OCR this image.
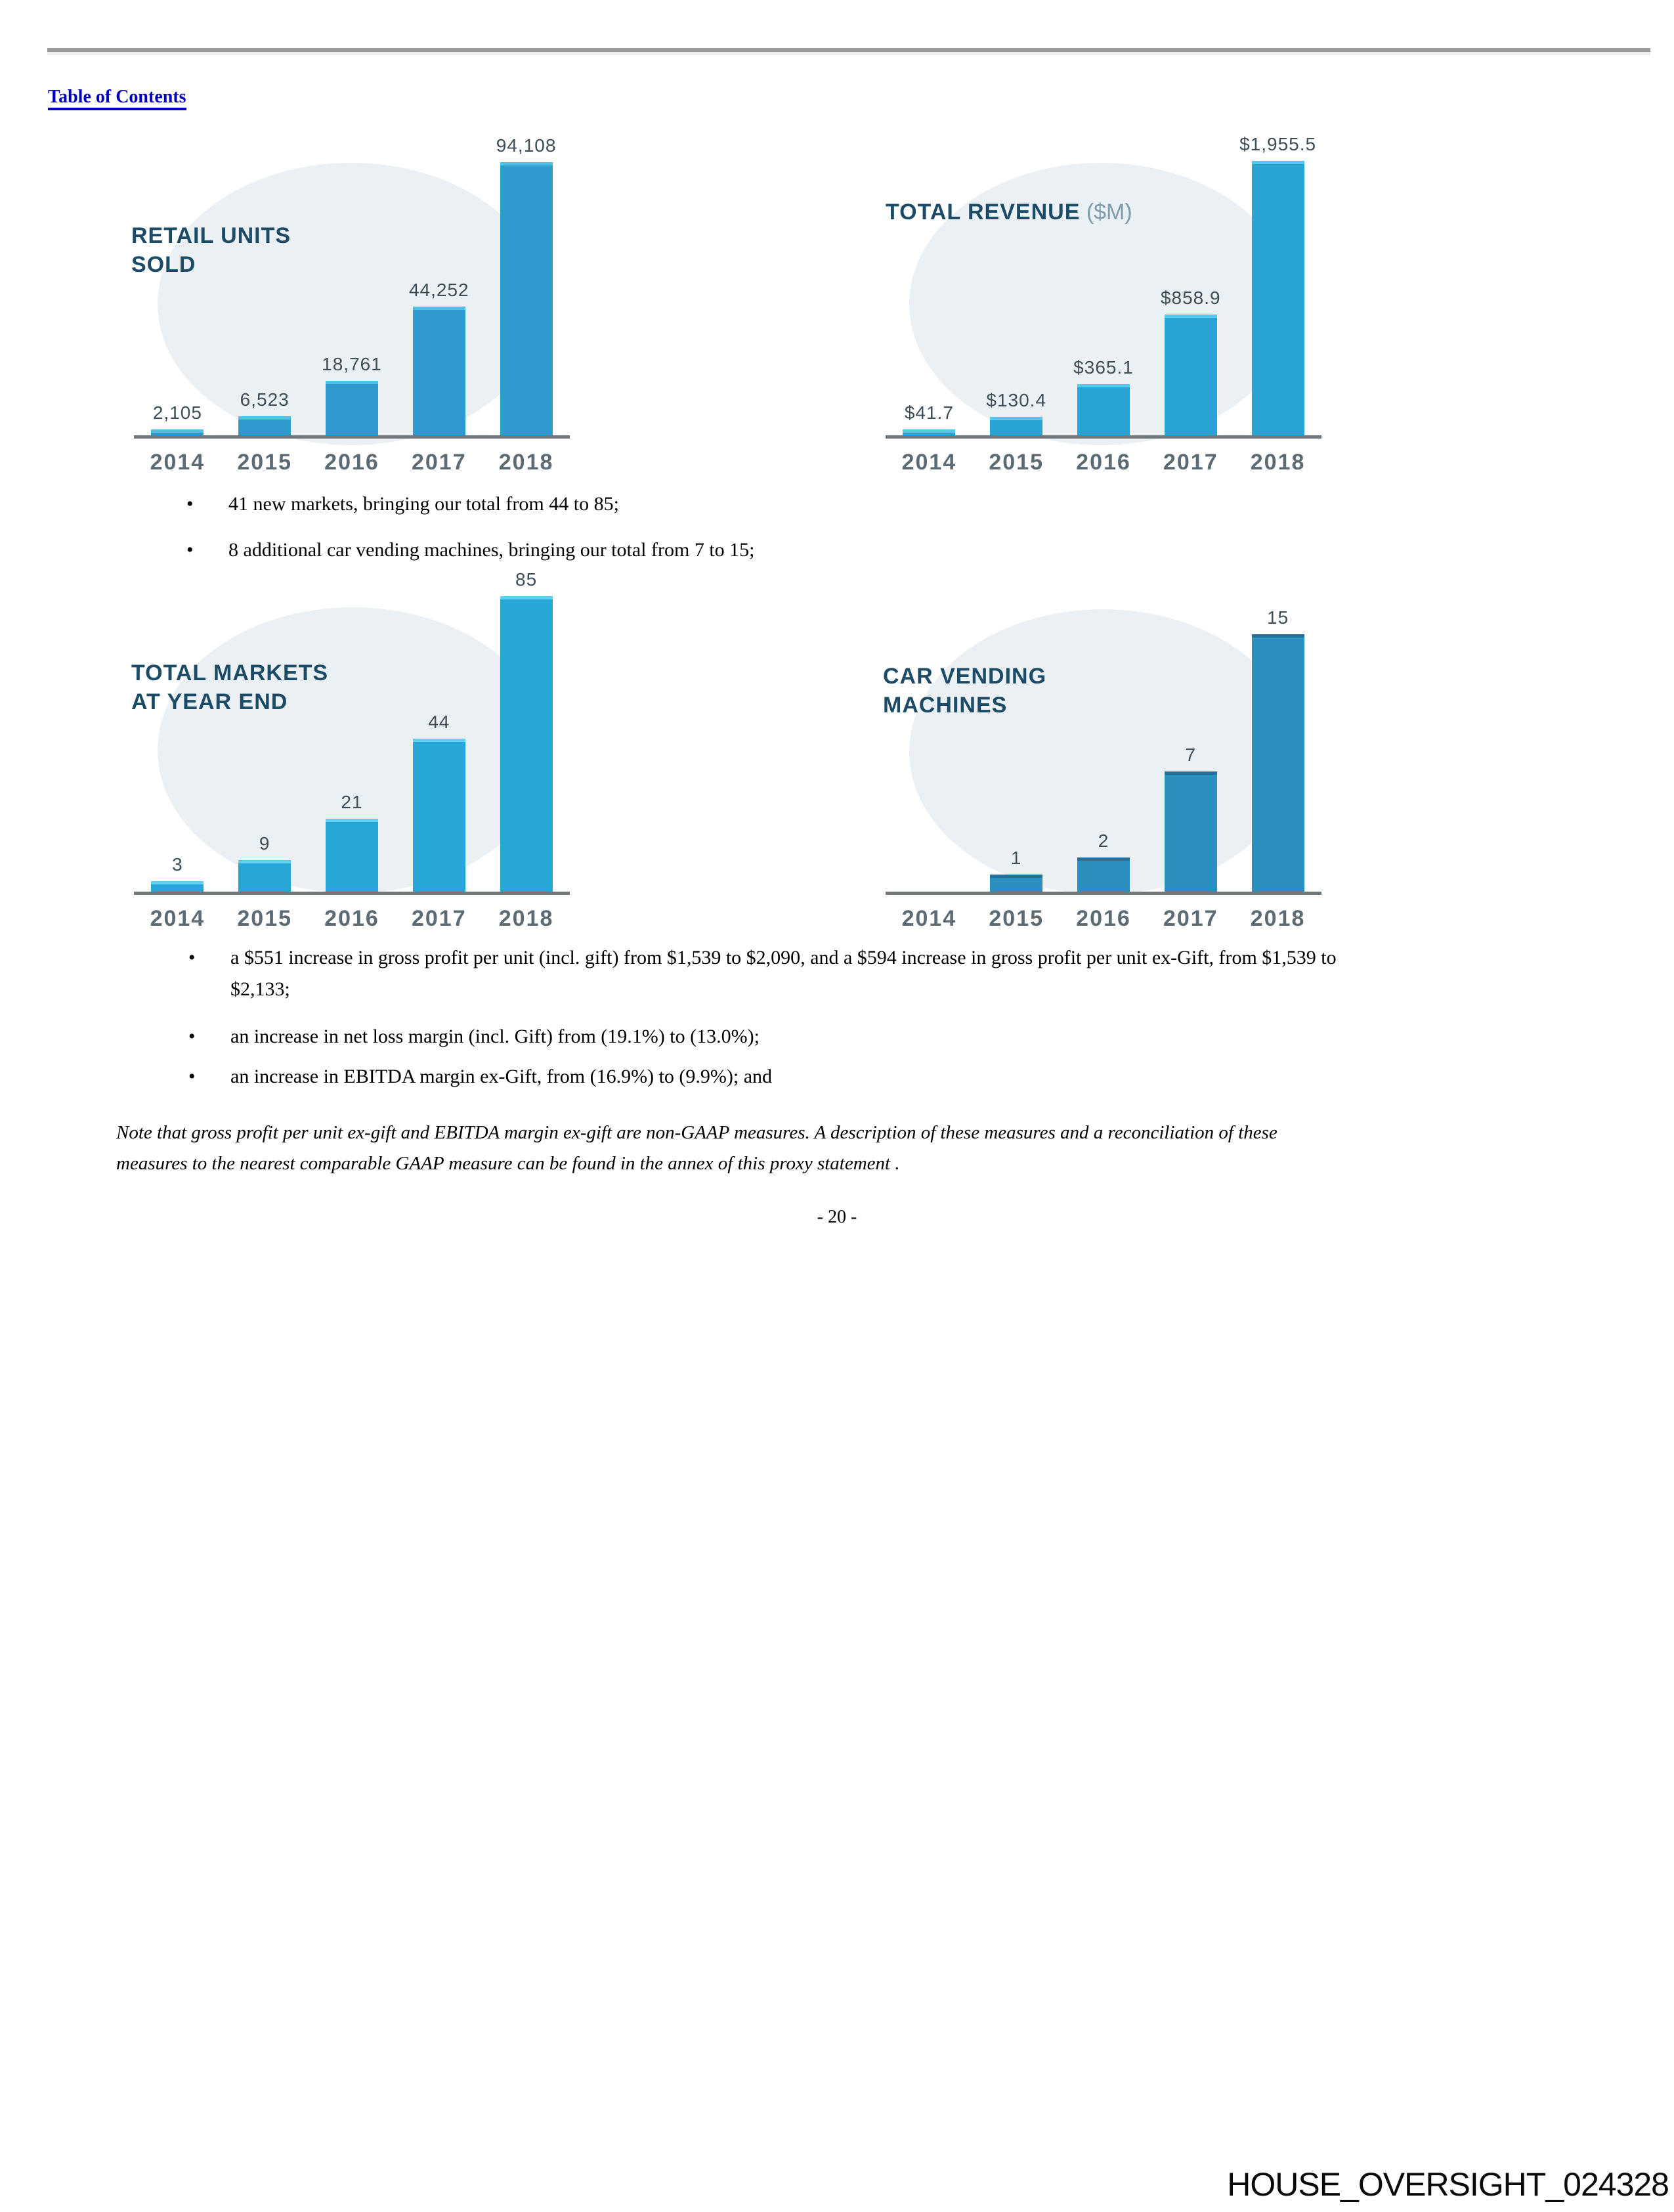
Table of Contents
RETAIL UNITS
SOLD
2,105
6,523
18,761
44,252
94,108
2014	2015	2016	2017	2018
TOTAL REVENUE ($M)
$41.7
$130.4
$365.1
$858.9
$1,955.5
2014	2015	2016	2017	2018
•	41 new markets, bringing our total from 44 to 85;
•	8 additional car vending machines, bringing our total from 7 to 15;
TOTAL MARKETS
AT YEAR END
3
9
21
44
85
2014	2015	2016	2017	2018
CAR VENDING
MACHINES
1
2
7
15
2014	2015	2016	2017	2018
•	a $551 increase in gross profit per unit (incl. gift) from $1,539 to $2,090, and a $594 increase in gross profit per unit ex-Gift, from $1,539 to
$2,133;
•	an increase in net loss margin (incl. Gift) from (19.1%) to (13.0%);
•	an increase in EBITDA margin ex-Gift, from (16.9%) to (9.9%); and
Note that gross profit per unit ex-gift and EBITDA margin ex-gift are non-GAAP measures. A description of these measures and a reconciliation of these
measures to the nearest comparable GAAP measure can be found in the annex of this proxy statement .
- 20 -
HOUSE_OVERSIGHT_024328
